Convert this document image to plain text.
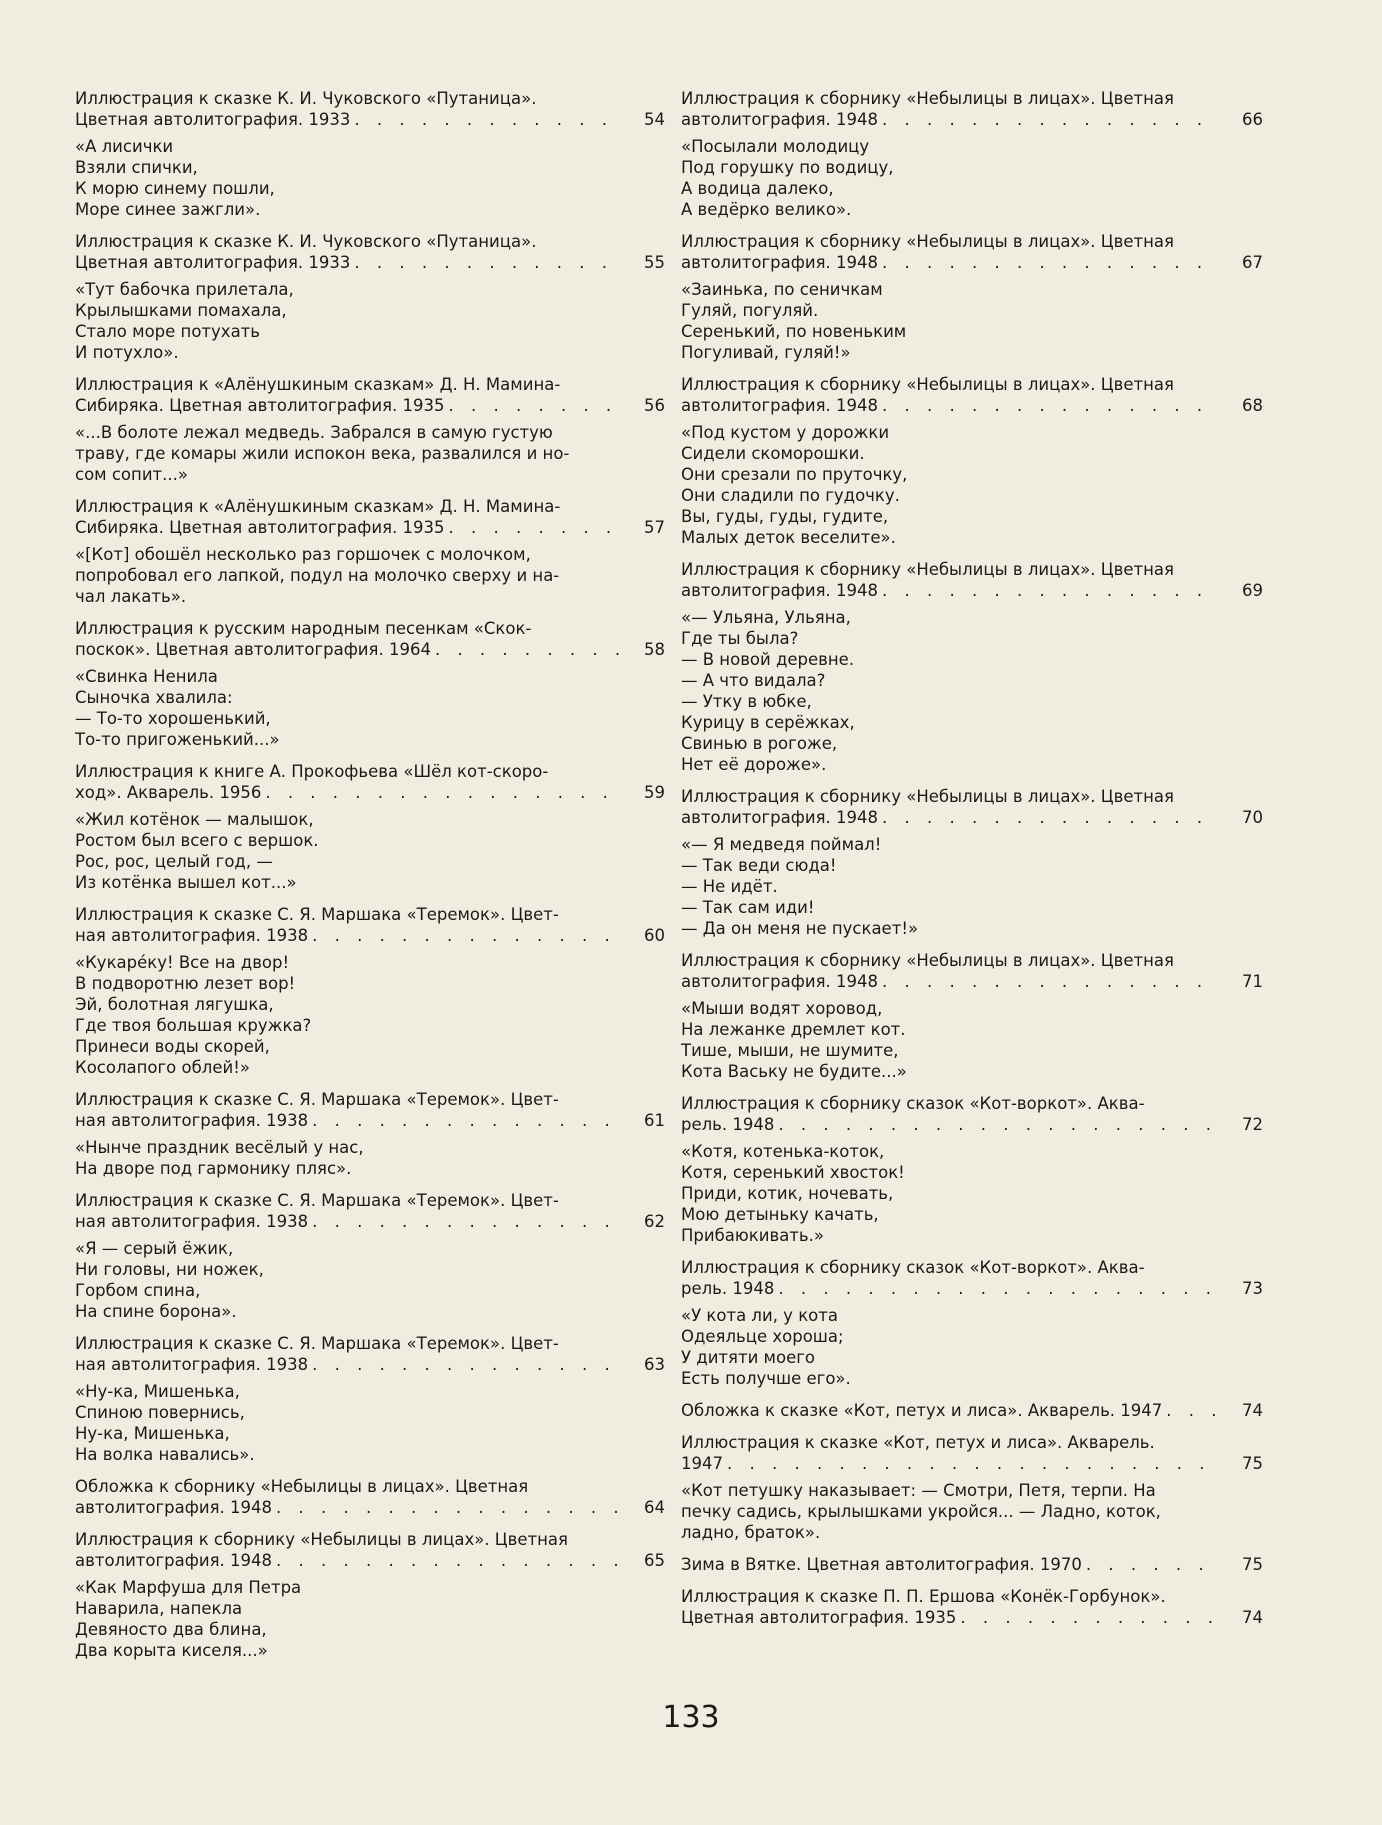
Иллюстрация к сказке К. И. Чуковского «Путаница».
Цветная автолитография. 1933 . . .	54
«А лисички
Взяли спички,
К морю синему пошли,
Море синее зажгли».
Иллюстрация к сказке К. И. Чуковского «Путаница».
Цветная автолитография. 1933 . . .	55
«Тут бабочка прилетала,
Крылышками помахала,
Стало море потухать
И потухло».
Иллюстрация к «Алёнушкиным сказкам» Д. Н. Мамина-
Сибиряка. Цветная автолитография. 1935 . . .	56
«...В болоте лежал медведь. Забрался в самую густую
траву, где комары жили испокон века, развалился и но-
сом сопит...»
Иллюстрация к «Алёнушкиным сказкам» Д. Н. Мамина-
Сибиряка. Цветная автолитография. 1935 . . .	57
«[Кот] обошёл несколько раз горшочек с молочком,
попробовал его лапкой, подул на молочко сверху и на-
чал лакать».
Иллюстрация к русским народным песенкам «Скок-
поскок». Цветная автолитография. 1964 . . .	58
«Свинка Ненила
Сыночка хвалила:
— То-то хорошенький,
То-то пригоженький...»
Иллюстрация к книге А. Прокофьева «Шёл кот-скоро-
ход». Акварель. 1956 . . .	59
«Жил котёнок — малышок,
Ростом был всего с вершок.
Рос, рос, целый год, —
Из котёнка вышел кот...»
Иллюстрация к сказке С. Я. Маршака «Теремок». Цвет-
ная автолитография. 1938 . . .	60
«Кукарéку! Все на двор!
В подворотню лезет вор!
Эй, болотная лягушка,
Где твоя большая кружка?
Принеси воды скорей,
Косолапого облей!»
Иллюстрация к сказке С. Я. Маршака «Теремок». Цвет-
ная автолитография. 1938 . . .	61
«Нынче праздник весёлый у нас,
На дворе под гармонику пляс».
Иллюстрация к сказке С. Я. Маршака «Теремок». Цвет-
ная автолитография. 1938 . . .	62
«Я — серый ёжик,
Ни головы, ни ножек,
Горбом спина,
На спине борона».
Иллюстрация к сказке С. Я. Маршака «Теремок». Цвет-
ная автолитография. 1938 . . .	63
«Ну-ка, Мишенька,
Спиною повернись,
Ну-ка, Мишенька,
На волка навались».
Обложка к сборнику «Небылицы в лицах». Цветная
автолитография. 1948 . . .	64
Иллюстрация к сборнику «Небылицы в лицах». Цветная
автолитография. 1948 . . .	65
«Как Марфуша для Петра
Наварила, напекла
Девяносто два блина,
Два корыта киселя...»
Иллюстрация к сборнику «Небылицы в лицах». Цветная
автолитография. 1948 . . .	66
«Посылали молодицу
Под горушку по водицу,
А водица далеко,
А ведёрко велико».
Иллюстрация к сборнику «Небылицы в лицах». Цветная
автолитография. 1948 . . .	67
«Заинька, по сеничкам
Гуляй, погуляй.
Серенький, по новеньким
Погуливай, гуляй!»
Иллюстрация к сборнику «Небылицы в лицах». Цветная
автолитография. 1948 . . .	68
«Под кустом у дорожки
Сидели скоморошки.
Они срезали по пруточку,
Они сладили по гудочку.
Вы, гуды, гуды, гудите,
Малых деток веселите».
Иллюстрация к сборнику «Небылицы в лицах». Цветная
автолитография. 1948 . . .	69
«— Ульяна, Ульяна,
Где ты была?
— В новой деревне.
— А что видала?
— Утку в юбке,
Курицу в серёжках,
Свинью в рогоже,
Нет её дороже».
Иллюстрация к сборнику «Небылицы в лицах». Цветная
автолитография. 1948 . . .	70
«— Я медведя поймал!
— Так веди сюда!
— Не идёт.
— Так сам иди!
— Да он меня не пускает!»
Иллюстрация к сборнику «Небылицы в лицах». Цветная
автолитография. 1948 . . .	71
«Мыши водят хоровод,
На лежанке дремлет кот.
Тише, мыши, не шумите,
Кота Ваську не будите...»
Иллюстрация к сборнику сказок «Кот-воркот». Аква-
рель. 1948 . . .	72
«Котя, котенька-коток,
Котя, серенький хвосток!
Приди, котик, ночевать,
Мою детыньку качать,
Прибаюкивать.»
Иллюстрация к сборнику сказок «Кот-воркот». Аква-
рель. 1948 . . .	73
«У кота ли, у кота
Одеяльце хороша;
У дитяти моего
Есть получше его».
Обложка к сказке «Кот, петух и лиса». Акварель. 1947 . . .	74
Иллюстрация к сказке «Кот, петух и лиса». Акварель.
1947 . . .	75
«Кот петушку наказывает: — Смотри, Петя, терпи. На
печку садись, крылышками укройся... — Ладно, коток,
ладно, браток».
Зима в Вятке. Цветная автолитография. 1970 . . .	75
Иллюстрация к сказке П. П. Ершова «Конёк-Горбунок».
Цветная автолитография. 1935 . . .	74
133
